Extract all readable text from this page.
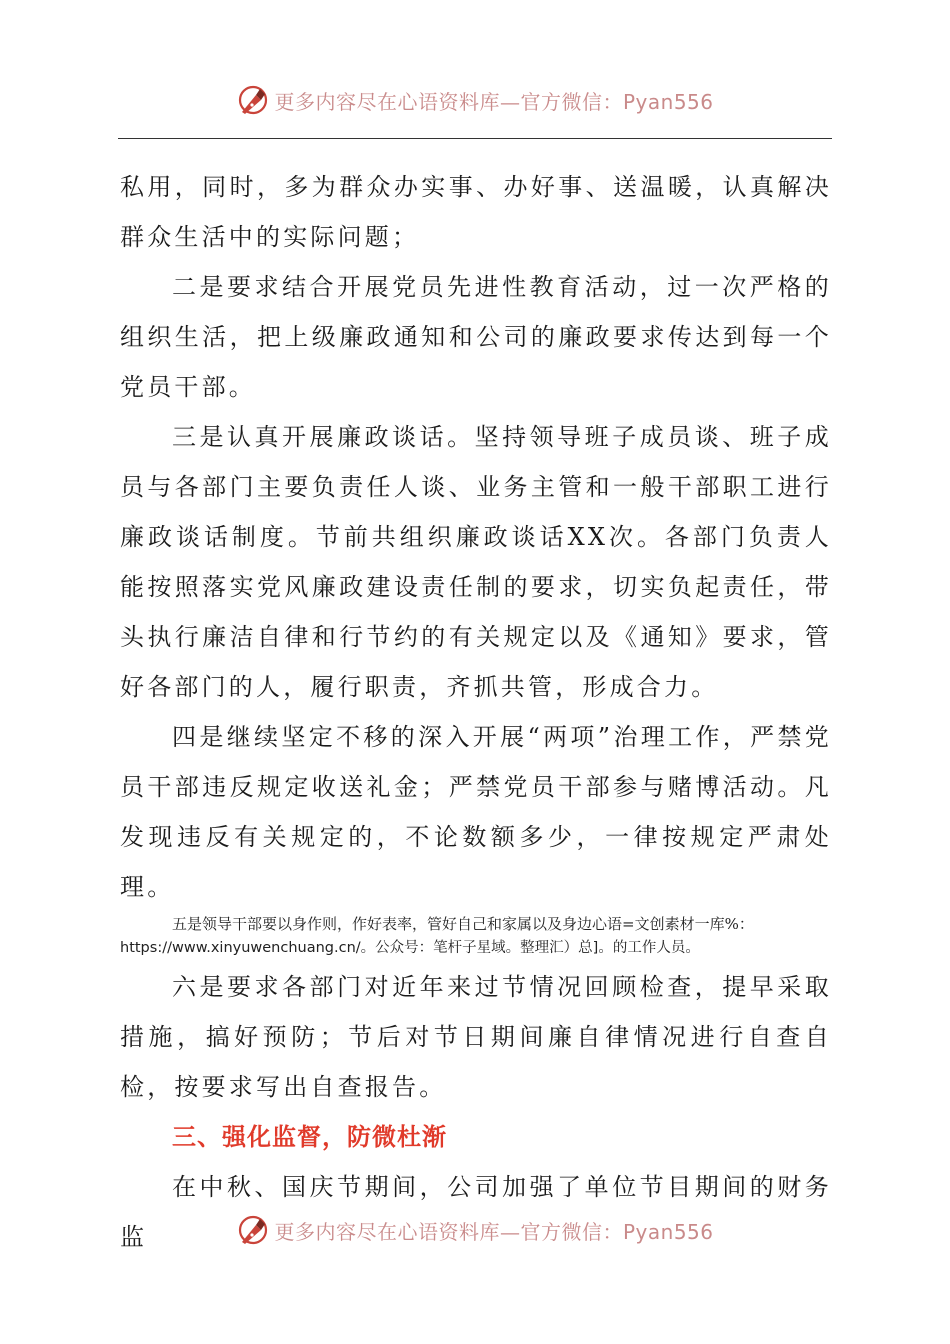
更多内容尽在心语资料库—官方微信：Pyan556

私用，同时，多为群众办实事、办好事、送温暖，认真解决群众生活中的实际问题；

二是要求结合开展党员先进性教育活动，过一次严格的组织生活，把上级廉政通知和公司的廉政要求传达到每一个党员干部。

三是认真开展廉政谈话。坚持领导班子成员谈、班子成员与各部门主要负责任人谈、业务主管和一般干部职工进行廉政谈话制度。节前共组织廉政谈话XX次。各部门负责人能按照落实党风廉政建设责任制的要求，切实负起责任，带头执行廉洁自律和行节约的有关规定以及《通知》要求，管好各部门的人，履行职责，齐抓共管，形成合力。

四是继续坚定不移的深入开展“两项”治理工作，严禁党员干部违反规定收送礼金；严禁党员干部参与赌博活动。凡发现违反有关规定的，不论数额多少，一律按规定严肃处理。

五是领导干部要以身作则，作好表率，管好自己和家属以及身边心语=文创素材一库%：
https://www.xinyuwenchuang.cn/。公众号：笔杆子星域。整理汇）总]。的工作人员。

六是要求各部门对近年来过节情况回顾检查，提早采取措施，搞好预防；节后对节日期间廉自律情况进行自查自检，按要求写出自查报告。

三、强化监督，防微杜渐

在中秋、国庆节期间，公司加强了单位节目期间的财务监	更多内容尽在心语资料库—官方微信：Pyan556
